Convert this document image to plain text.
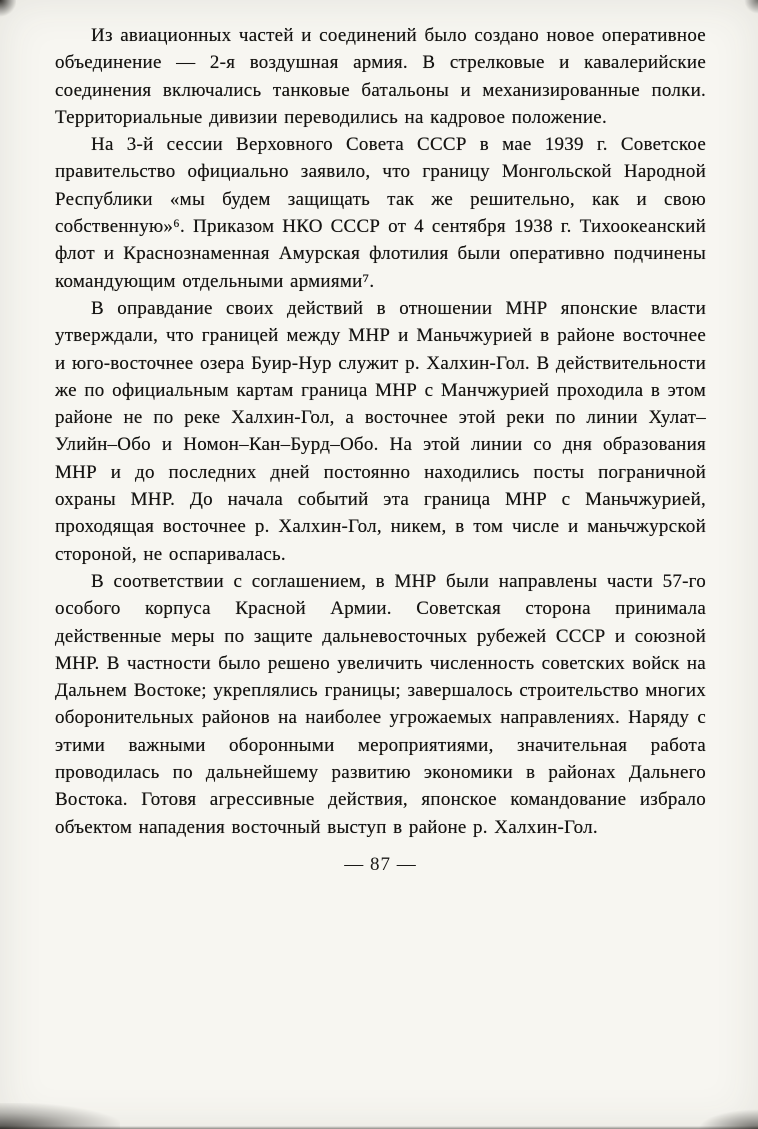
Из авиационных частей и соединений было создано новое оперативное объединение — 2-я воздушная армия. В стрелковые и кавалерийские соединения включались танковые батальоны и механизированные полки. Территориальные дивизии переводились на кадровое положение.

На 3-й сессии Верховного Совета СССР в мае 1939 г. Советское правительство официально заявило, что границу Монгольской Народной Республики «мы будем защищать так же решительно, как и свою собственную»⁶. Приказом НКО СССР от 4 сентября 1938 г. Тихоокеанский флот и Краснознаменная Амурская флотилия были оперативно подчинены командующим отдельными армиями⁷.

В оправдание своих действий в отношении МНР японские власти утверждали, что границей между МНР и Маньчжурией в районе восточнее и юго-восточнее озера Буир-Нур служит р. Халхин-Гол. В действительности же по официальным картам граница МНР с Манчжурией проходила в этом районе не по реке Халхин-Гол, а восточнее этой реки по линии Хулат–Улийн–Обо и Номон–Кан–Бурд–Обо. На этой линии со дня образования МНР и до последних дней постоянно находились посты пограничной охраны МНР. До начала событий эта граница МНР с Маньчжурией, проходящая восточнее р. Халхин-Гол, никем, в том числе и маньчжурской стороной, не оспаривалась.

В соответствии с соглашением, в МНР были направлены части 57-го особого корпуса Красной Армии. Советская сторона принимала действенные меры по защите дальневосточных рубежей СССР и союзной МНР. В частности было решено увеличить численность советских войск на Дальнем Востоке; укреплялись границы; завершалось строительство многих оборонительных районов на наиболее угрожаемых направлениях. Наряду с этими важными оборонными мероприятиями, значительная работа проводилась по дальнейшему развитию экономики в районах Дальнего Востока. Готовя агрессивные действия, японское командование избрало объектом нападения восточный выступ в районе р. Халхин-Гол.

— 87 —
